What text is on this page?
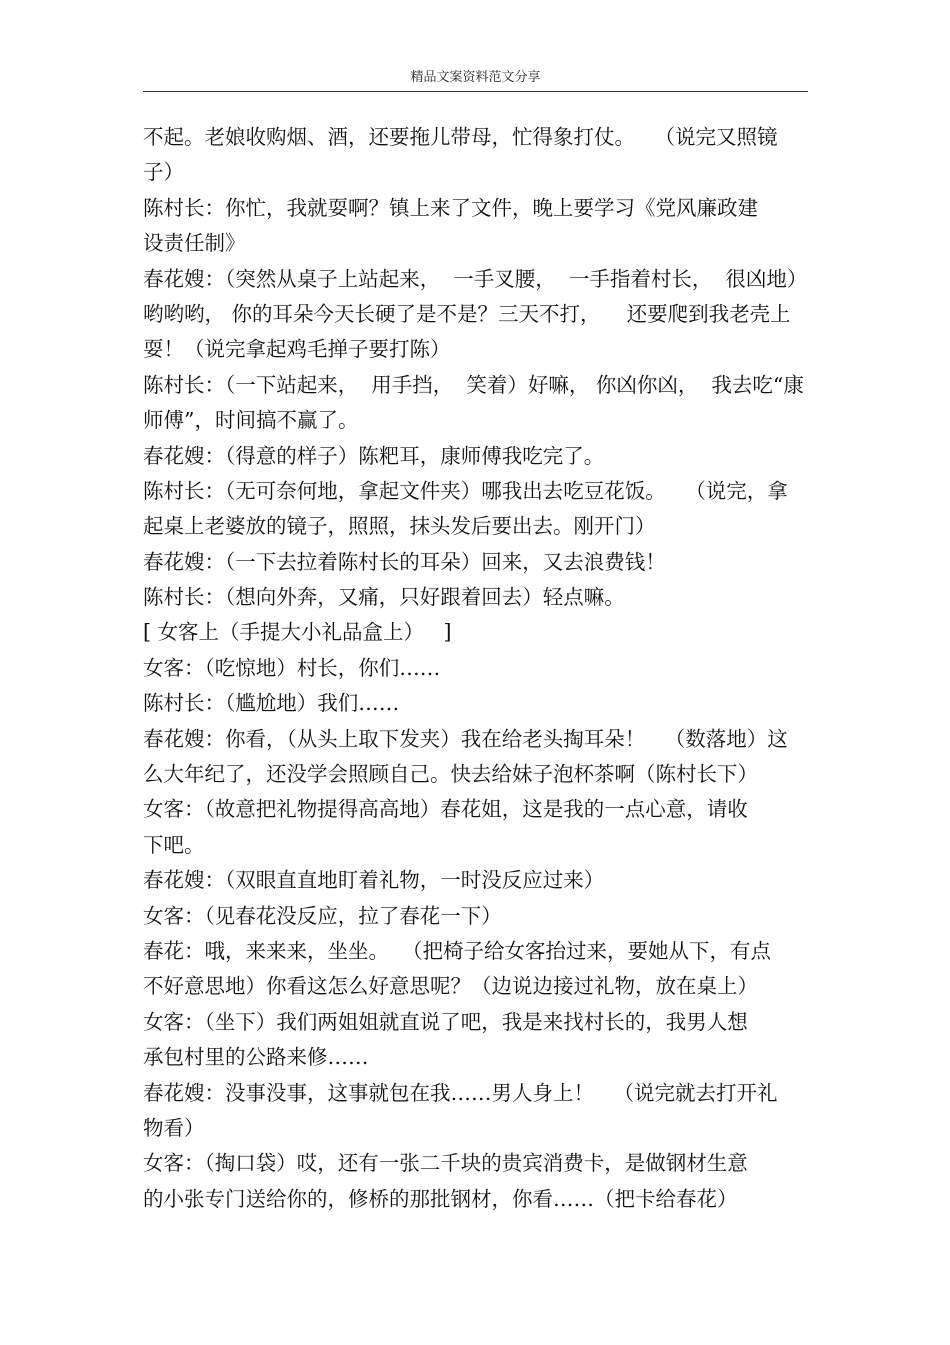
精品文案资料范文分享
不起。老娘收购烟、酒，还要拖儿带母，忙得象打仗。   （说完又照镜
子）
陈村长：你忙，我就耍啊？镇上来了文件，晚上要学习《党风廉政建
设责任制》
春花嫂：（突然从桌子上站起来，  一手叉腰，  一手指着村长，  很凶地）
哟哟哟， 你的耳朵今天长硬了是不是？三天不打，    还要爬到我老壳上
耍！（说完拿起鸡毛掸子要打陈）
陈村长：（一下站起来，  用手挡，  笑着）好嘛， 你凶你凶，  我去吃“康
师傅”，时间搞不赢了。
春花嫂：（得意的样子）陈粑耳，康师傅我吃完了。
陈村长：（无可奈何地，拿起文件夹）哪我出去吃豆花饭。   （说完，拿
起桌上老婆放的镜子，照照，抹头发后要出去。刚开门）
春花嫂：（一下去拉着陈村长的耳朵）回来，又去浪费钱！
陈村长：（想向外奔，又痛，只好跟着回去）轻点嘛。
[ 女客上（手提大小礼品盒上）   ]
女客：（吃惊地）村长，你们……
陈村长：（尴尬地）我们……
春花嫂：你看，（从头上取下发夹）我在给老头掏耳朵！   （数落地）这
么大年纪了，还没学会照顾自己。快去给妹子泡杯茶啊（陈村长下）
女客：（故意把礼物提得高高地）春花姐，这是我的一点心意，请收
下吧。
春花嫂：（双眼直直地盯着礼物，一时没反应过来）
女客：（见春花没反应，拉了春花一下）
春花：哦，来来来，坐坐。  （把椅子给女客抬过来，要她从下，有点
不好意思地）你看这怎么好意思呢？（边说边接过礼物，放在桌上）
女客：（坐下）我们两姐姐就直说了吧，我是来找村长的，我男人想
承包村里的公路来修……
春花嫂：没事没事，这事就包在我……男人身上！   （说完就去打开礼
物看）
女客：（掏口袋）哎，还有一张二千块的贵宾消费卡，是做钢材生意
的小张专门送给你的，修桥的那批钢材，你看……（把卡给春花）
